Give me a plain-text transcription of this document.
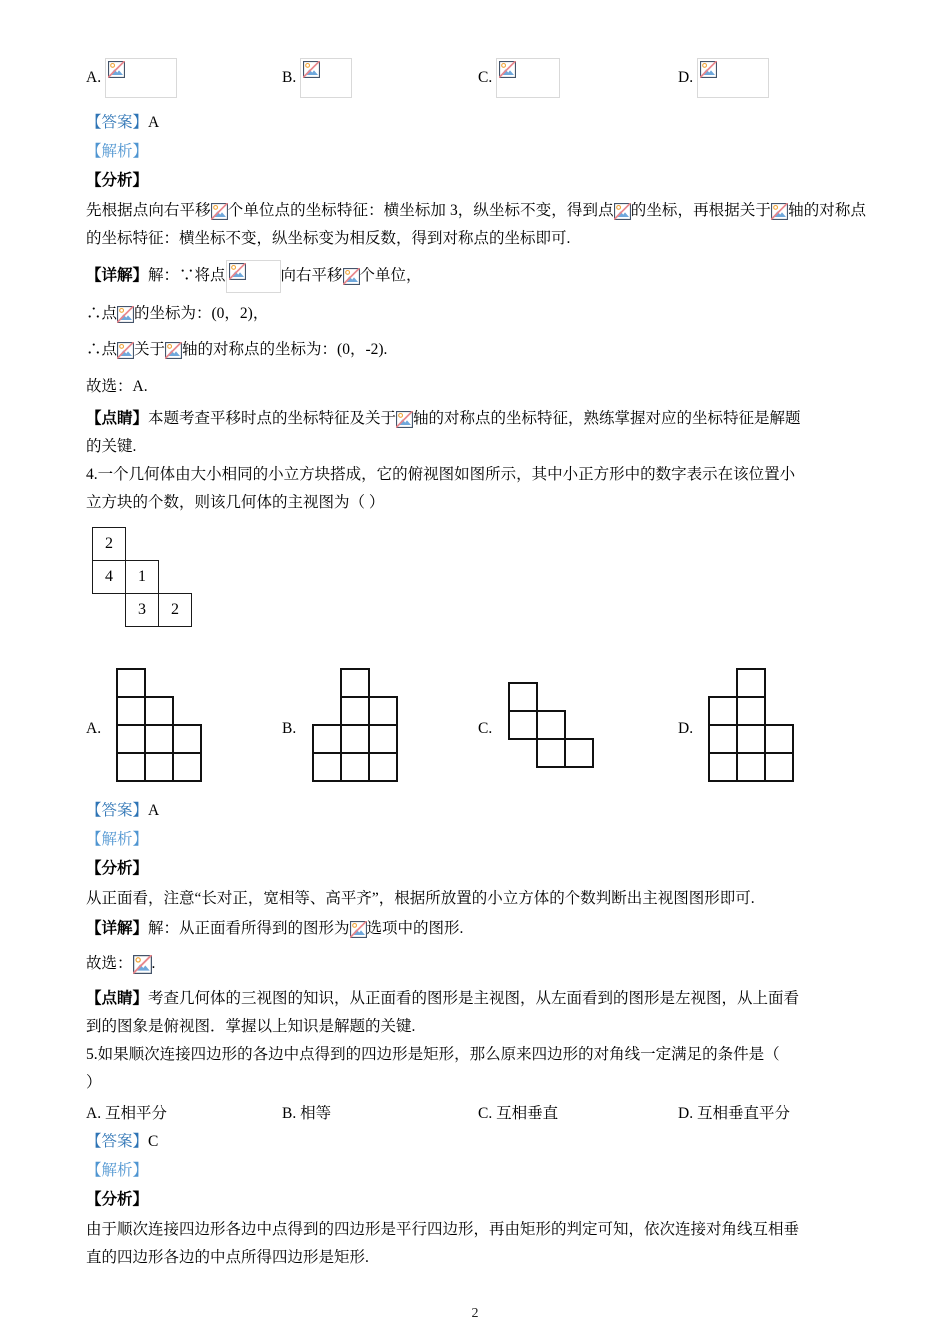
A.	B.	C.	D.
【答案】A
【解析】
【分析】
先根据点向右平移 个单位点的坐标特征：横坐标加 3，纵坐标不变，得到点 的坐标，再根据关于 轴的对称点的坐标特征：横坐标不变，纵坐标变为相反数，得到对称点的坐标即可.
【详解】解：∵将点	向右平移 个单位，
∴点 的坐标为：(0，2)，
∴点 关于 轴的对称点的坐标为：(0，-2).
故选：A.
【点睛】本题考查平移时点的坐标特征及关于 轴的对称点的坐标特征，熟练掌握对应的坐标特征是解题
的关键.
4.一个几何体由大小相同的小立方块搭成，它的俯视图如图所示，其中小正方形中的数字表示在该位置小
立方块的个数，则该几何体的主视图为（ ）
2
4	1
3	2
A.	B.	C.	D.
【答案】A
【解析】
【分析】
从正面看，注意“长对正，宽相等、高平齐”，根据所放置的小立方体的个数判断出主视图图形即可.
【详解】解：从正面看所得到的图形为 选项中的图形.
故选： .
【点睛】考查几何体的三视图的知识，从正面看的图形是主视图，从左面看到的图形是左视图，从上面看
到的图象是俯视图．掌握以上知识是解题的关键.
5.如果顺次连接四边形的各边中点得到的四边形是矩形，那么原来四边形的对角线一定满足的条件是（
）
A. 互相平分	B. 相等	C. 互相垂直	D. 互相垂直平分
【答案】C
【解析】
【分析】
由于顺次连接四边形各边中点得到的四边形是平行四边形，再由矩形的判定可知，依次连接对角线互相垂
直的四边形各边的中点所得四边形是矩形.
2
